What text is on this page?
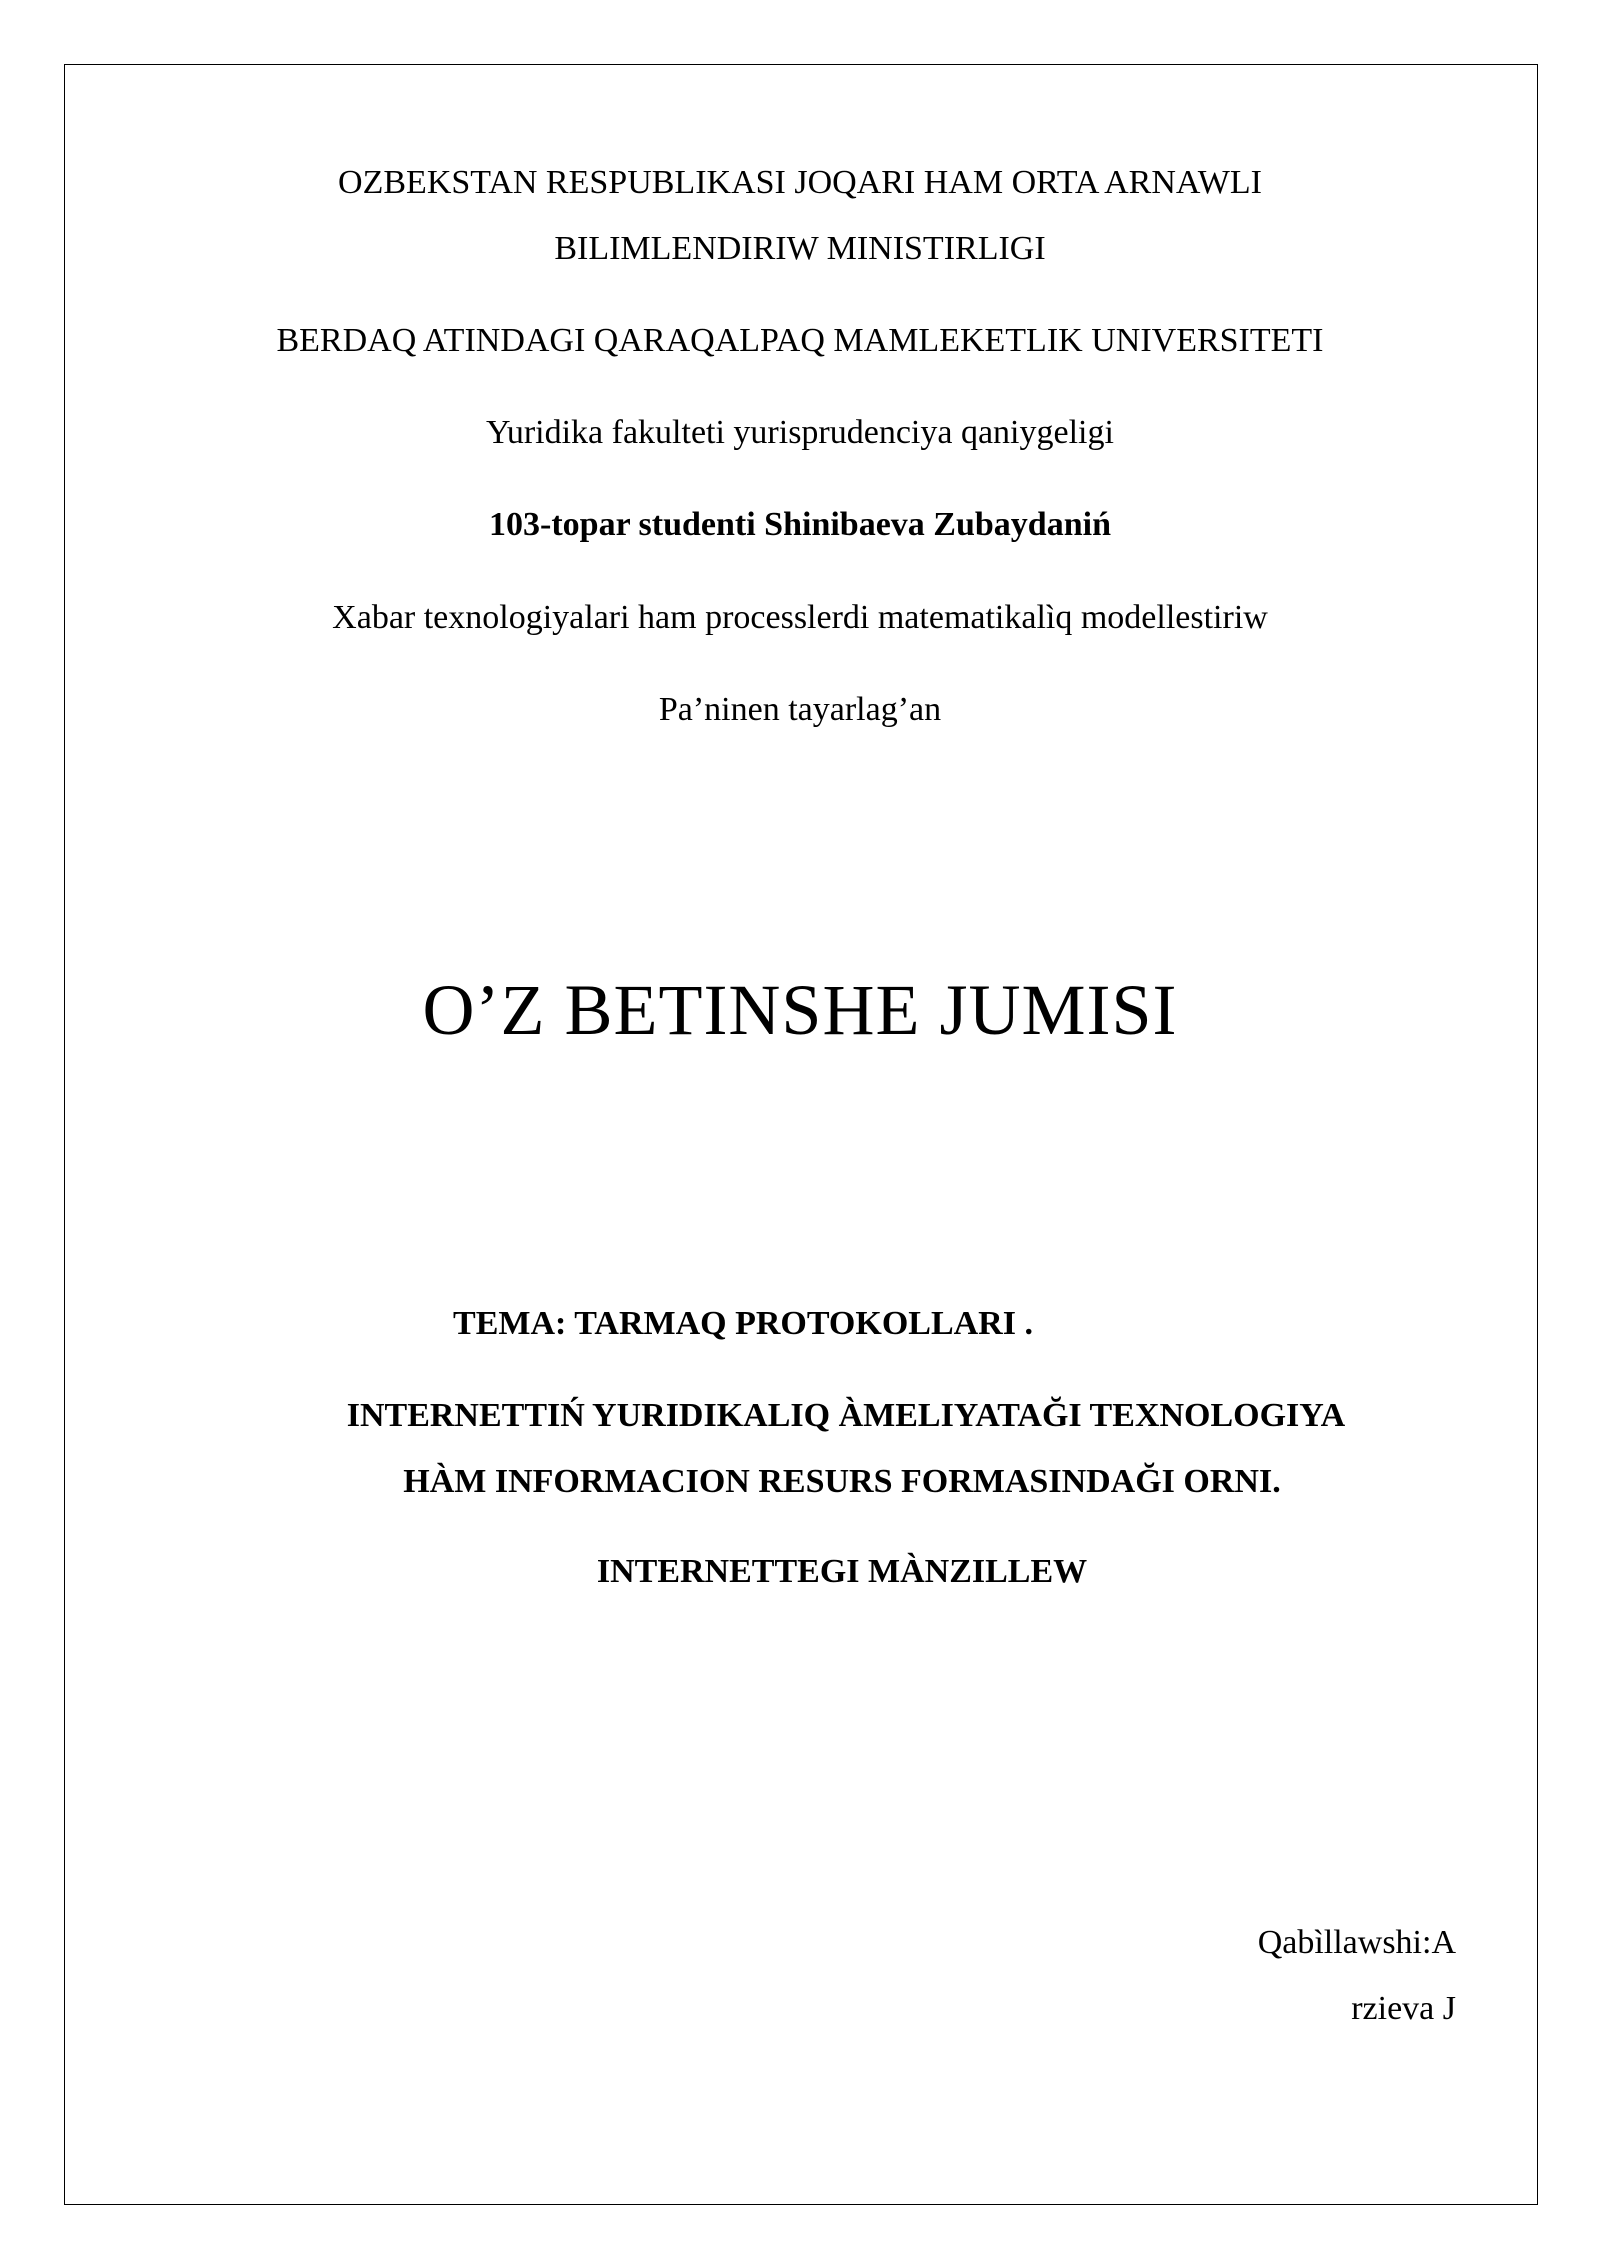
OZBEKSTAN RESPUBLIKASI JOQARI HAM ORTA ARNAWLI
BILIMLENDIRIW MINISTIRLIGI
BERDAQ ATINDAGI QARAQALPAQ MAMLEKETLIK UNIVERSITETI
Yuridika fakulteti yurisprudenciya qaniygeligi
103-topar studenti Shinibaeva Zubaydaniń
Xabar texnologiyalari ham processlerdi matematikalìq modellestiriw
Pa’ninen tayarlag’an
O’Z BETINSHE JUMISI
TEMA: TARMAQ PROTOKOLLARI .
INTERNETTIŃ YURIDIKALIQ ÀMELIYATAĞI TEXNOLOGIYA
HÀM INFORMACION RESURS FORMASINDAĞI ORNI.
INTERNETTEGI MÀNZILLEW
Qabìllawshi:A
rzieva J
